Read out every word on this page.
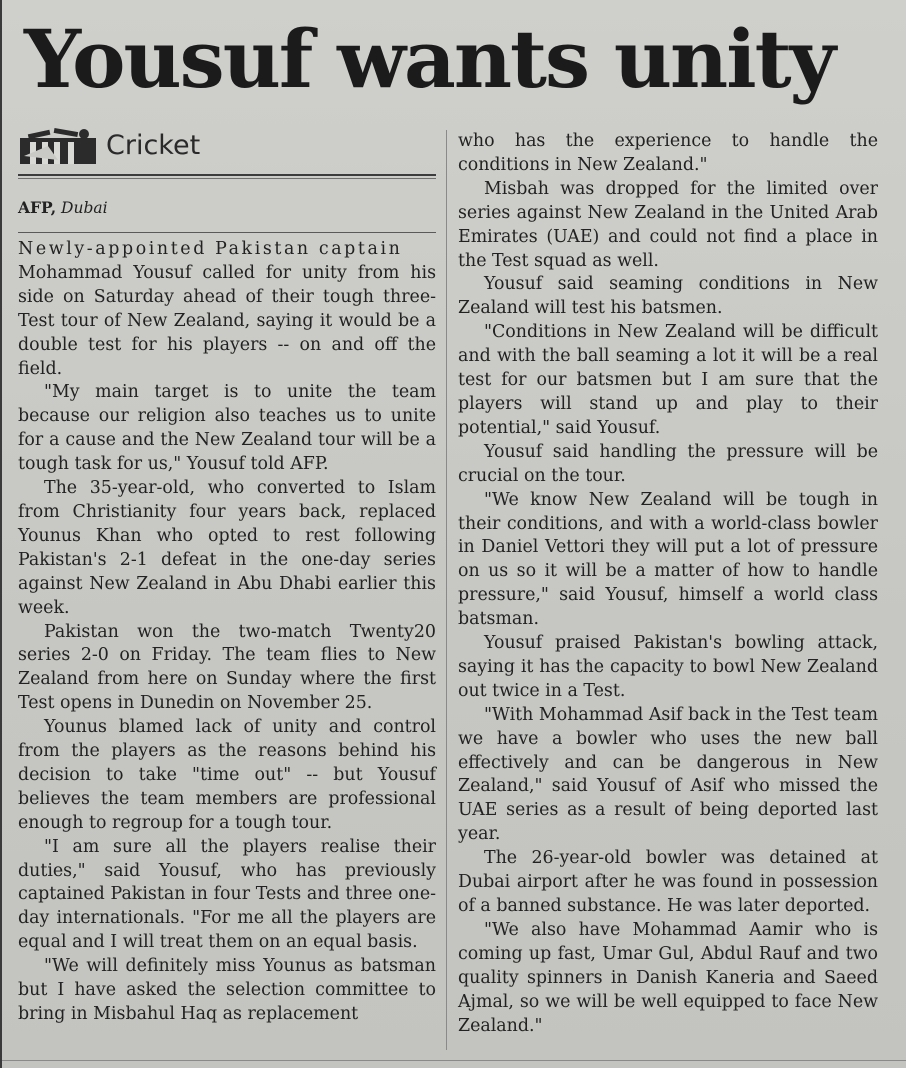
Yousuf wants unity
Cricket
AFP, Dubai

Newly-appointed Pakistan captain

Mohammad Yousuf called for unity from his side on Saturday ahead of their tough three-Test tour of New Zealand, saying it would be a double test for his players -- on and off the field.

"My main target is to unite the team because our religion also teaches us to unite for a cause and the New Zealand tour will be a tough task for us," Yousuf told AFP.

The 35-year-old, who converted to Islam from Christianity four years back, replaced Younus Khan who opted to rest following Pakistan's 2-1 defeat in the one-day series against New Zealand in Abu Dhabi earlier this week.

Pakistan won the two-match Twenty20 series 2-0 on Friday. The team flies to New Zealand from here on Sunday where the first Test opens in Dunedin on November 25.

Younus blamed lack of unity and control from the players as the reasons behind his decision to take "time out" -- but Yousuf believes the team members are professional enough to regroup for a tough tour.

"I am sure all the players realise their duties," said Yousuf, who has previously captained Pakistan in four Tests and three one-day internationals. "For me all the players are equal and I will treat them on an equal basis.

"We will definitely miss Younus as batsman but I have asked the selection committee to bring in Misbahul Haq as replacement

who has the experience to handle the conditions in New Zealand."

Misbah was dropped for the limited over series against New Zealand in the United Arab Emirates (UAE) and could not find a place in the Test squad as well.

Yousuf said seaming conditions in New Zealand will test his batsmen.

"Conditions in New Zealand will be difficult and with the ball seaming a lot it will be a real test for our batsmen but I am sure that the players will stand up and play to their potential," said Yousuf.

Yousuf said handling the pressure will be crucial on the tour.

"We know New Zealand will be tough in their conditions, and with a world-class bowler in Daniel Vettori they will put a lot of pressure on us so it will be a matter of how to handle pressure," said Yousuf, himself a world class batsman.

Yousuf praised Pakistan's bowling attack, saying it has the capacity to bowl New Zealand out twice in a Test.

"With Mohammad Asif back in the Test team we have a bowler who uses the new ball effectively and can be dangerous in New Zealand," said Yousuf of Asif who missed the UAE series as a result of being deported last year.

The 26-year-old bowler was detained at Dubai airport after he was found in possession of a banned substance. He was later deported.

"We also have Mohammad Aamir who is coming up fast, Umar Gul, Abdul Rauf and two quality spinners in Danish Kaneria and Saeed Ajmal, so we will be well equipped to face New Zealand."
